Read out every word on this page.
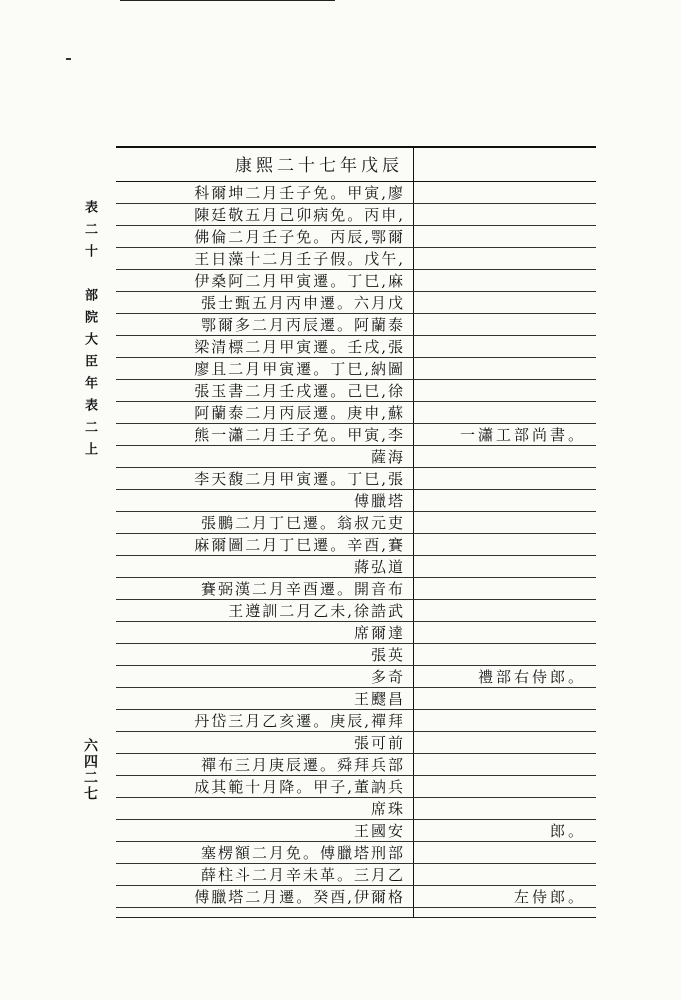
表二十　部院大臣年表二上
六四二七
康熙二十七年戊辰
科爾坤二月壬子免。甲寅,廖
陳廷敬五月己卯病免。丙申,
佛倫二月壬子免。丙辰,鄂爾
王日藻十二月壬子假。戊午,
伊桑阿二月甲寅遷。丁巳,麻
張士甄五月丙申遷。六月戊
鄂爾多二月丙辰遷。阿蘭泰
梁清標二月甲寅遷。壬戌,張
廖且二月甲寅遷。丁巳,納圖
張玉書二月壬戌遷。己巳,徐
阿蘭泰二月丙辰遷。庚申,蘇
熊一瀟二月壬子免。甲寅,李	一瀟工部尚書。
薩海
李天馥二月甲寅遷。丁巳,張
傅臘塔
張鵬二月丁巳遷。翁叔元吏
麻爾圖二月丁巳遷。辛酉,賽
蔣弘道
賽弼漢二月辛酉遷。開音布
王遵訓二月乙未,徐誥武
席爾達
張英
多奇	禮部右侍郎。
王飂昌
丹岱三月乙亥遷。庚辰,禪拜
張可前
禪布三月庚辰遷。舜拜兵部
成其範十月降。甲子,董訥兵
席珠
王國安	郎。
塞楞額二月免。傅臘塔刑部
薛柱斗二月辛未革。三月乙
傅臘塔二月遷。癸酉,伊爾格	左侍郎。
